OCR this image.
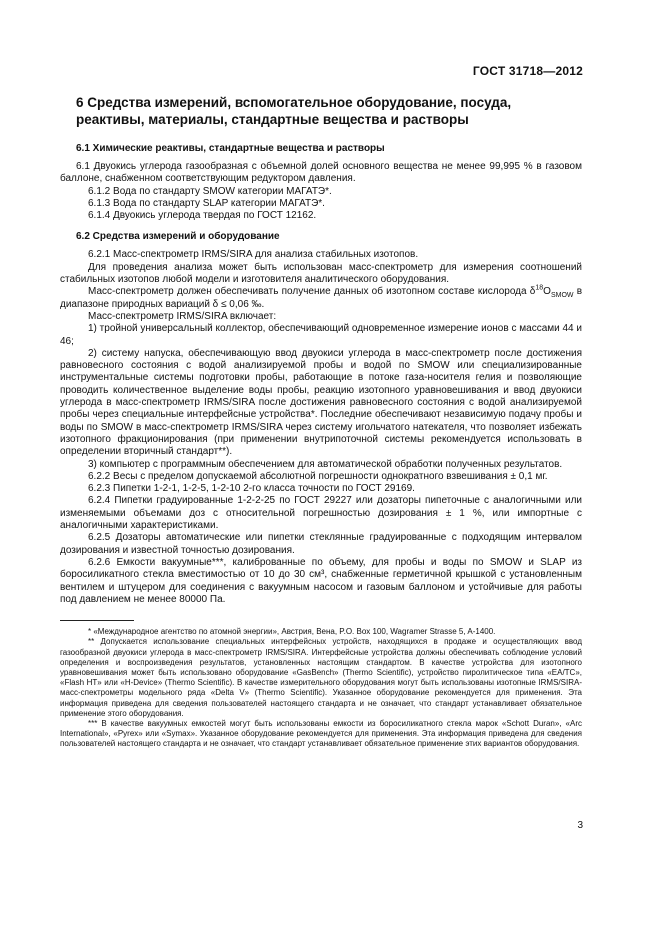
ГОСТ 31718—2012
6 Средства измерений, вспомогательное оборудование, посуда,
реактивы, материалы, стандартные вещества и растворы
6.1 Химические реактивы, стандартные вещества и растворы

6.1 Двуокись углерода газообразная с объемной долей основного вещества не менее 99,995 % в газовом баллоне, снабженном соответствующим редуктором давления.

6.1.2 Вода по стандарту SMOW категории МАГАТЭ*.

6.1.3 Вода по стандарту SLAP категории МАГАТЭ*.

6.1.4 Двуокись углерода твердая по ГОСТ 12162.

6.2 Средства измерений и оборудование

6.2.1 Масс-спектрометр IRMS/SIRA для анализа стабильных изотопов.

Для проведения анализа может быть использован масс-спектрометр для измерения соотношений стабильных изотопов любой модели и изготовителя аналитического оборудования.

Масс-спектрометр должен обеспечивать получение данных об изотопном составе кислорода $\delta^{18}O_{SMOW}$ в диапазоне природных вариаций δ ≤ 0,06 ‰.

Масс-спектрометр IRMS/SIRA включает:

1) тройной универсальный коллектор, обеспечивающий одновременное измерение ионов с массами 44 и 46;

2) систему напуска, обеспечивающую ввод двуокиси углерода в масс-спектрометр после достижения равновесного состояния с водой анализируемой пробы и водой по SMOW или специализированные инструментальные системы подготовки пробы, работающие в потоке газа-носителя гелия и позволяющие проводить количественное выделение воды пробы, реакцию изотопного уравновешивания и ввод двуокиси углерода в масс-спектрометр IRMS/SIRA после достижения равновесного состояния с водой анализируемой пробы через специальные интерфейсные устройства*. Последние обеспечивают независимую подачу пробы и воды по SMOW в масс-спектрометр IRMS/SIRA через систему игольчатого натекателя, что позволяет избежать изотопного фракционирования (при применении внутрипоточной системы рекомендуется использовать в определении вторичный стандарт**).

3) компьютер с программным обеспечением для автоматической обработки полученных результатов.

6.2.2 Весы с пределом допускаемой абсолютной погрешности однократного взвешивания ± 0,1 мг.

6.2.3 Пипетки 1-2-1, 1-2-5, 1-2-10 2-го класса точности по ГОСТ 29169.

6.2.4 Пипетки градуированные 1-2-2-25 по ГОСТ 29227 или дозаторы пипеточные с аналогичными или изменяемыми объемами доз с относительной погрешностью дозирования ± 1 %, или импортные с аналогичными характеристиками.

6.2.5 Дозаторы автоматические или пипетки стеклянные градуированные с подходящим интервалом дозирования и известной точностью дозирования.

6.2.6 Емкости вакуумные***, калиброванные по объему, для пробы и воды по SMOW и SLAP из боросиликатного стекла вместимостью от 10 до 30 см³, снабженные герметичной крышкой с установленным вентилем и штуцером для соединения с вакуумным насосом и газовым баллоном и устойчивые для работы под давлением не менее 80000 Па.

* «Международное агентство по атомной энергии», Австрия, Вена, P.O. Box 100, Wagramer Strasse 5, A-1400.

** Допускается использование специальных интерфейсных устройств, находящихся в продаже и осуществляющих ввод газообразной двуокиси углерода в масс-спектрометр IRMS/SIRA. Интерфейсные устройства должны обеспечивать соблюдение условий определения и воспроизведения результатов, установленных настоящим стандартом. В качестве устройства для изотопного уравновешивания может быть использовано оборудование «GasBench» (Thermo Scientific), устройство пиролитическое типа «EA/TC», «Flash HT» или «H-Device» (Thermo Scientific). В качестве измерительного оборудования могут быть использованы изотопные IRMS/SIRA-масс-спектрометры модельного ряда «Delta V» (Thermo Scientific). Указанное оборудование рекомендуется для применения. Эта информация приведена для сведения пользователей настоящего стандарта и не означает, что стандарт устанавливает обязательное применение этого оборудования.

*** В качестве вакуумных емкостей могут быть использованы емкости из боросиликатного стекла марок «Schott Duran», «Arc International», «Pyrex» или «Symax». Указанное оборудование рекомендуется для применения. Эта информация приведена для сведения пользователей настоящего стандарта и не означает, что стандарт устанавливает обязательное применение этих вариантов оборудования.

3
